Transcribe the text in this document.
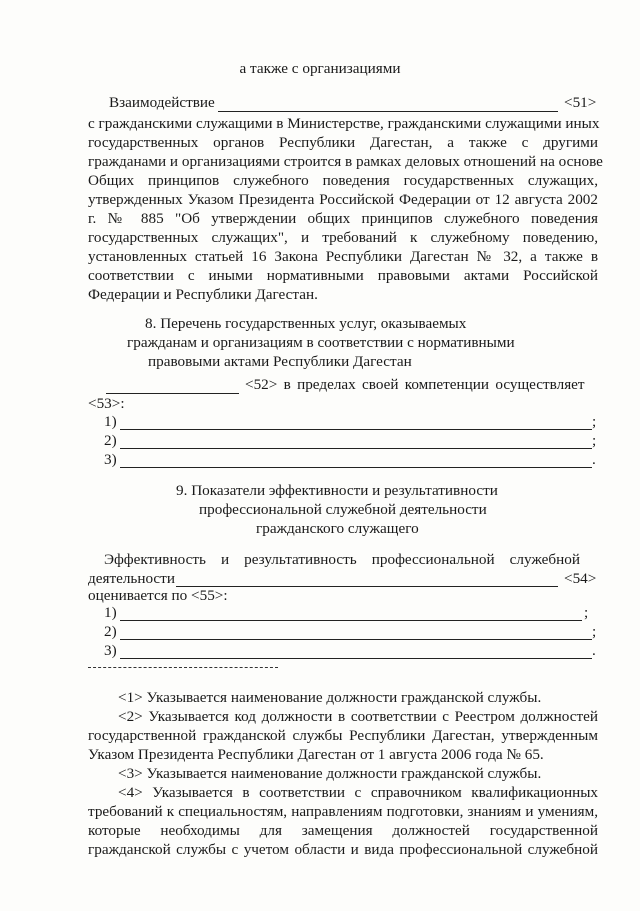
а также с организациями
Взаимодействие	<51>
с гражданскими служащими в Министерстве, гражданскими служащими иных
государственных органов Республики Дагестан, а также с другими
гражданами и организациями строится в рамках деловых отношений на основе
Общих принципов служебного поведения государственных служащих,
утвержденных Указом Президента Российской Федерации от 12 августа 2002
г. № 885 "Об утверждении общих принципов служебного поведения
государственных служащих", и требований к служебному поведению,
установленных статьей 16 Закона Республики Дагестан № 32, а также в
соответствии с иными нормативными правовыми актами Российской
Федерации и Республики Дагестан.
8. Перечень государственных услуг, оказываемых
гражданам и организациям в соответствии с нормативными
правовыми актами Республики Дагестан
<52> в пределах своей компетенции осуществляет
<53>:
1)	;
2)	;
3)	.
9. Показатели эффективности и результативности
профессиональной служебной деятельности
гражданского служащего
Эффективность и результативность профессиональной служебной
деятельности	<54>
оценивается по <55>:
1)	;
2)	;
3)	.
<1> Указывается наименование должности гражданской службы.
<2> Указывается код должности в соответствии с Реестром должностей
государственной гражданской службы Республики Дагестан, утвержденным
Указом Президента Республики Дагестан от 1 августа 2006 года № 65.
<3> Указывается наименование должности гражданской службы.
<4> Указывается в соответствии с справочником квалификационных
требований к специальностям, направлениям подготовки, знаниям и умениям,
которые необходимы для замещения должностей государственной
гражданской службы с учетом области и вида профессиональной служебной
